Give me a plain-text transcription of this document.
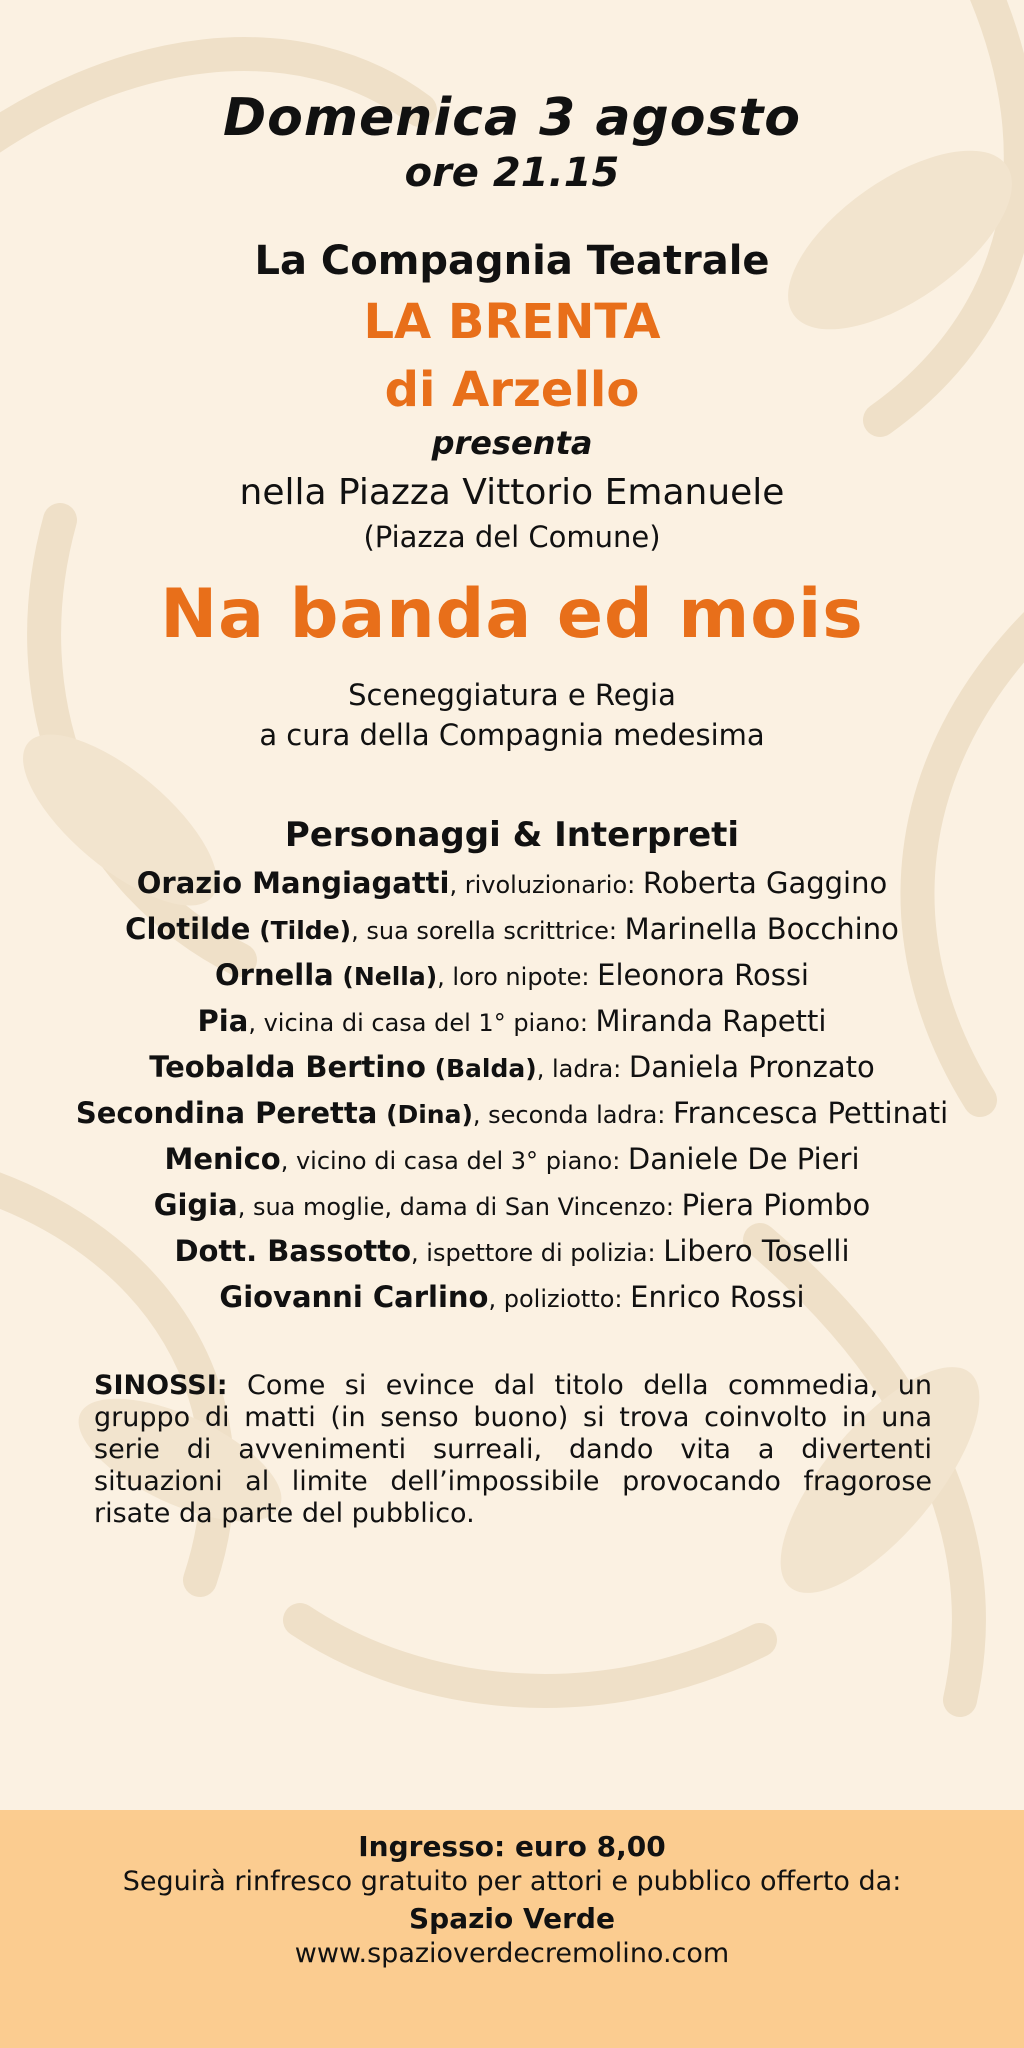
Domenica 3 agosto
ore 21.15
La Compagnia Teatrale
LA BRENTA
di Arzello
presenta
nella Piazza Vittorio Emanuele
(Piazza del Comune)
Na banda ed mois
Sceneggiatura e Regia
a cura della Compagnia medesima
Personaggi & Interpreti
Orazio Mangiagatti, rivoluzionario: Roberta Gaggino
Clotilde (Tilde), sua sorella scrittrice: Marinella Bocchino
Ornella (Nella), loro nipote: Eleonora Rossi
Pia, vicina di casa del 1° piano: Miranda Rapetti
Teobalda Bertino (Balda), ladra: Daniela Pronzato
Secondina Peretta (Dina), seconda ladra: Francesca Pettinati
Menico, vicino di casa del 3° piano: Daniele De Pieri
Gigia, sua moglie, dama di San Vincenzo: Piera Piombo
Dott. Bassotto, ispettore di polizia: Libero Toselli
Giovanni Carlino, poliziotto: Enrico Rossi
SINOSSI: Come si evince dal titolo della commedia, un gruppo di matti (in senso buono) si trova coinvolto in una serie di avvenimenti surreali, dando vita a divertenti situazioni al limite dell’impossibile provocando fragorose risate da parte del pubblico.
Ingresso: euro 8,00
Seguirà rinfresco gratuito per attori e pubblico offerto da:
Spazio Verde
www.spazioverdecremolino.com
